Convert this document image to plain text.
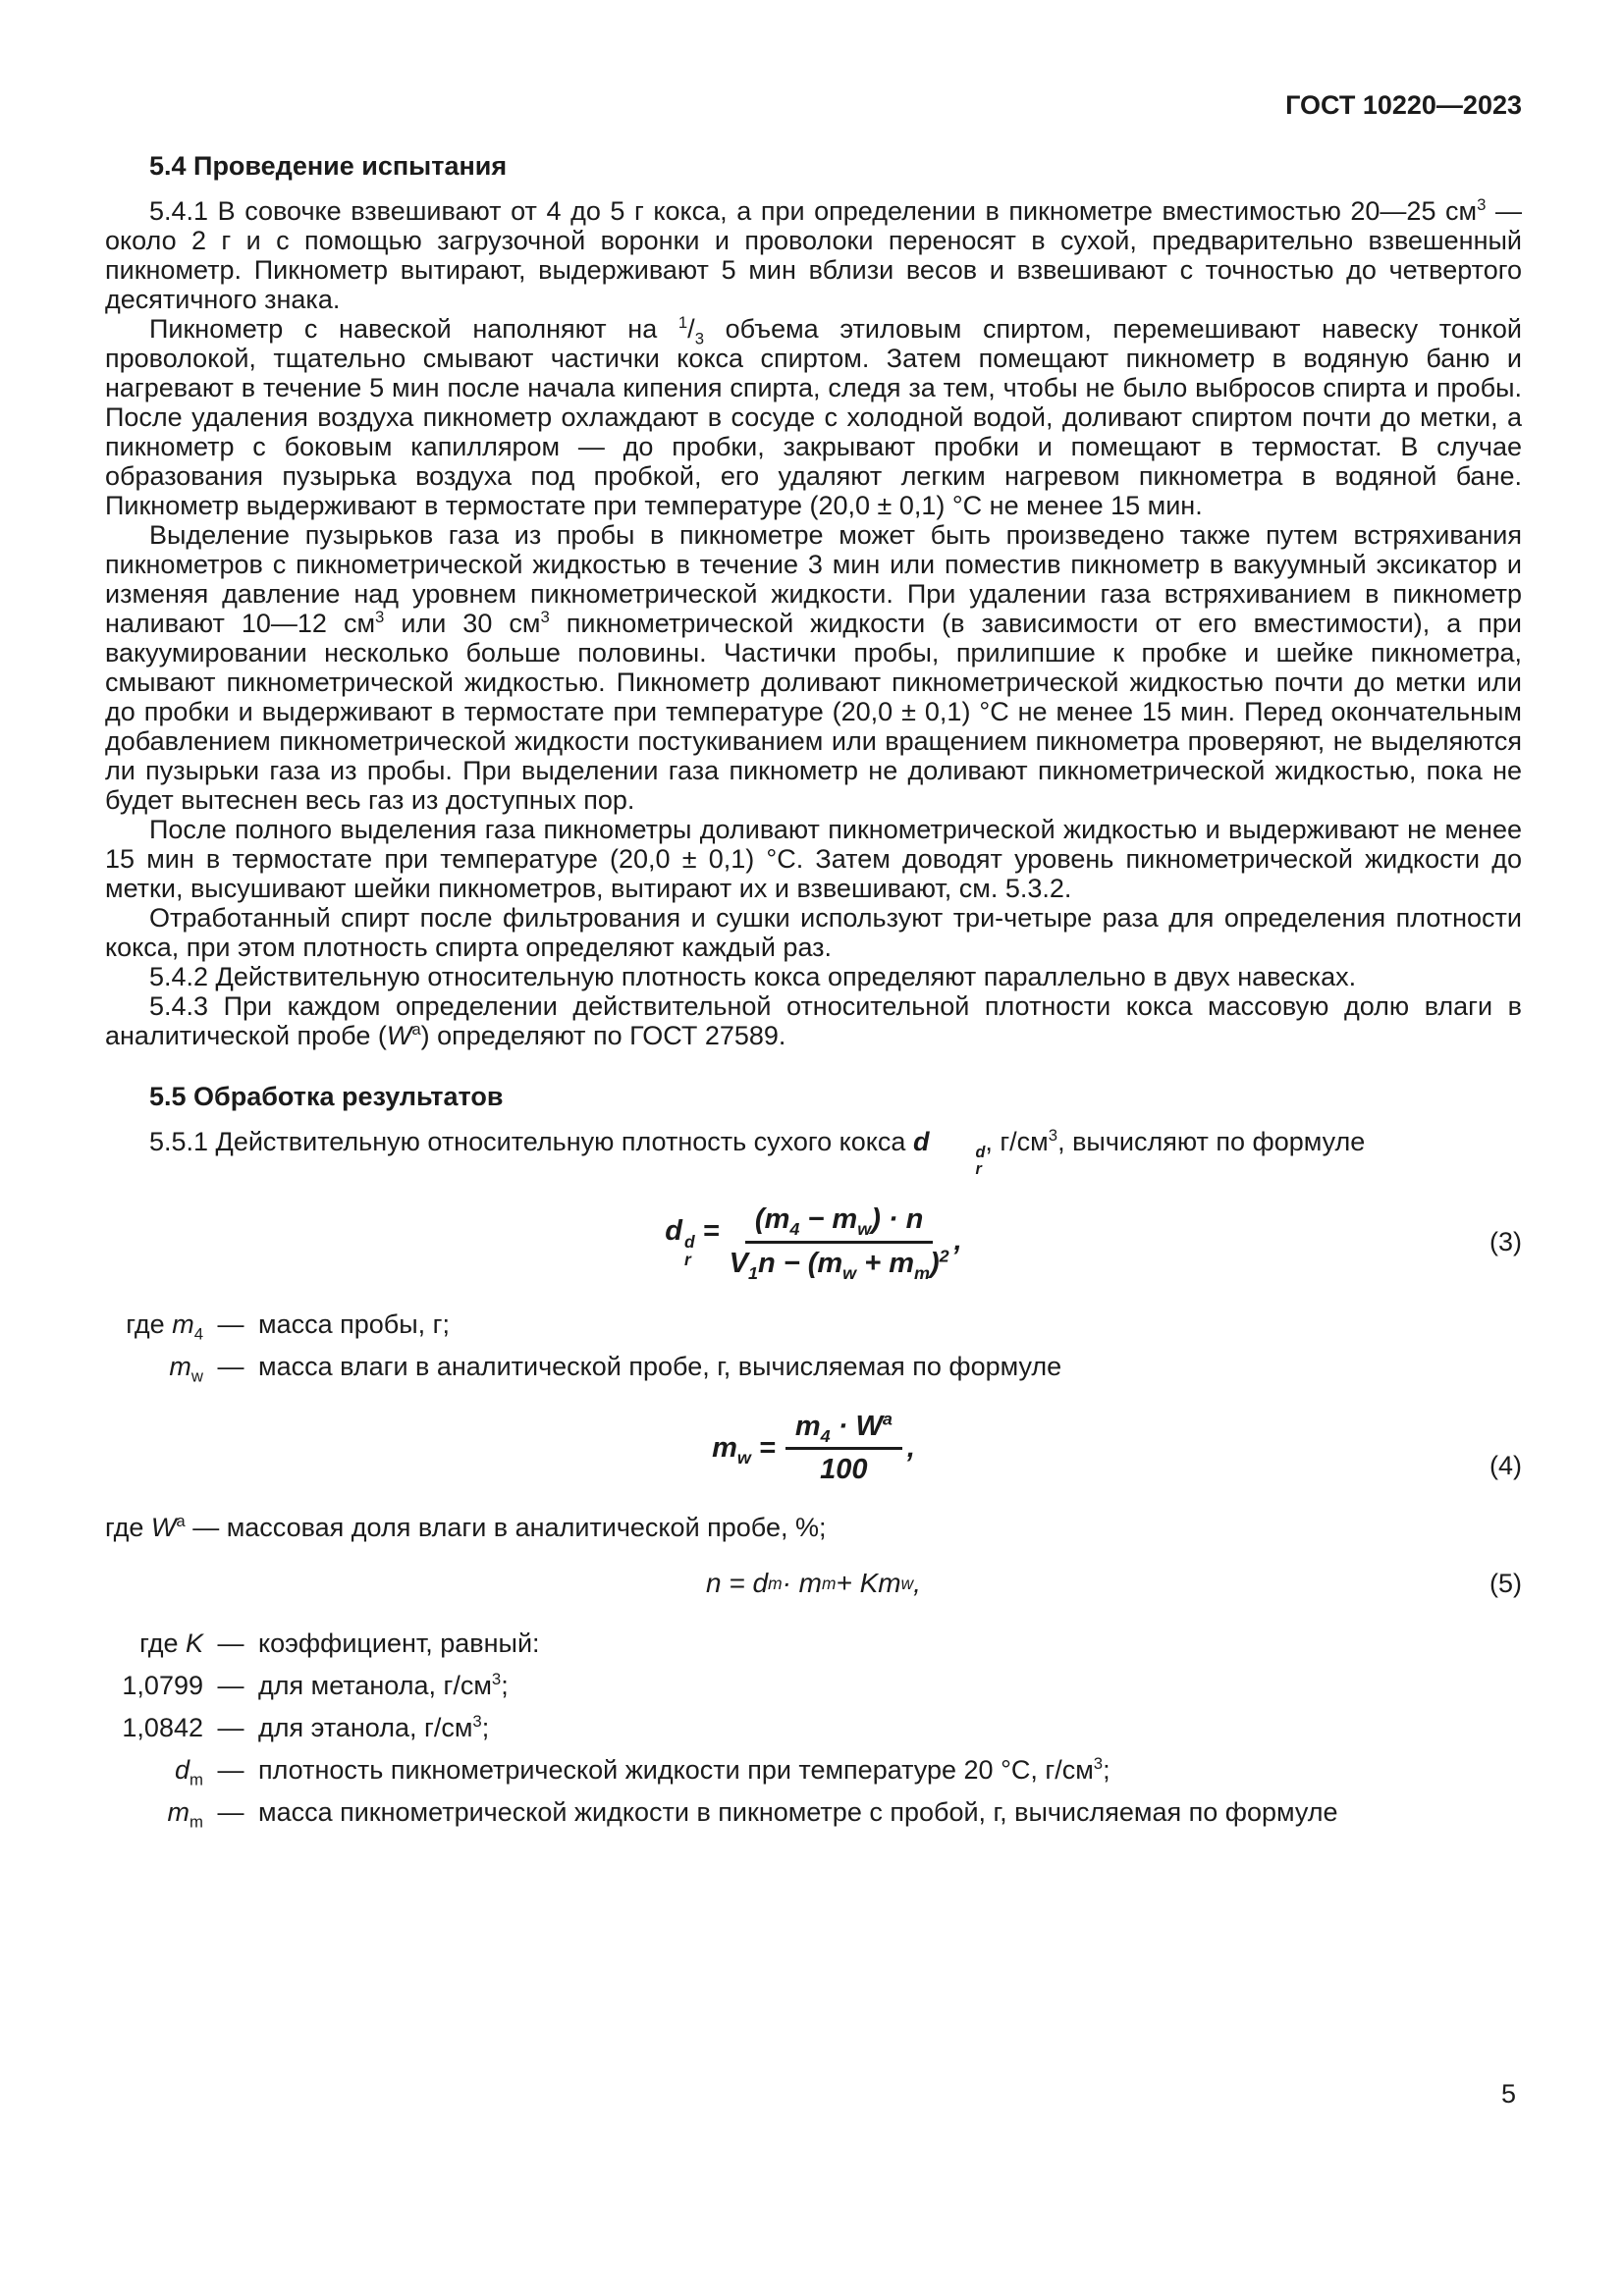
ГОСТ 10220—2023
5.4 Проведение испытания

5.4.1 В совочке взвешивают от 4 до 5 г кокса, а при определении в пикнометре вместимостью 20—25 $см^3$ — около 2 г и с помощью загрузочной воронки и проволоки переносят в сухой, предварительно взвешенный пикнометр. Пикнометр вытирают, выдерживают 5 мин вблизи весов и взвешивают с точностью до четвертого десятичного знака.

Пикнометр с навеской наполняют на $^1/_3$ объема этиловым спиртом, перемешивают навеску тонкой проволокой, тщательно смывают частички кокса спиртом. Затем помещают пикнометр в водяную баню и нагревают в течение 5 мин после начала кипения спирта, следя за тем, чтобы не было выбросов спирта и пробы. После удаления воздуха пикнометр охлаждают в сосуде с холодной водой, доливают спиртом почти до метки, а пикнометр с боковым капилляром — до пробки, закрывают пробки и помещают в термостат. В случае образования пузырька воздуха под пробкой, его удаляют легким нагревом пикнометра в водяной бане. Пикнометр выдерживают в термостате при температуре (20,0 ± 0,1) °С не менее 15 мин.

Выделение пузырьков газа из пробы в пикнометре может быть произведено также путем встряхивания пикнометров с пикнометрической жидкостью в течение 3 мин или поместив пикнометр в вакуумный эксикатор и изменяя давление над уровнем пикнометрической жидкости. При удалении газа встряхиванием в пикнометр наливают 10—12 $см^3$ или 30 $см^3$ пикнометрической жидкости (в зависимости от его вместимости), а при вакуумировании несколько больше половины. Частички пробы, прилипшие к пробке и шейке пикнометра, смывают пикнометрической жидкостью. Пикнометр доливают пикнометрической жидкостью почти до метки или до пробки и выдерживают в термостате при температуре (20,0 ± 0,1) °С не менее 15 мин. Перед окончательным добавлением пикнометрической жидкости постукиванием или вращением пикнометра проверяют, не выделяются ли пузырьки газа из пробы. При выделении газа пикнометр не доливают пикнометрической жидкостью, пока не будет вытеснен весь газ из доступных пор.

После полного выделения газа пикнометры доливают пикнометрической жидкостью и выдерживают не менее 15 мин в термостате при температуре (20,0 ± 0,1) °С. Затем доводят уровень пикнометрической жидкости до метки, высушивают шейки пикнометров, вытирают их и взвешивают, см. 5.3.2.

Отработанный спирт после фильтрования и сушки используют три-четыре раза для определения плотности кокса, при этом плотность спирта определяют каждый раз.

5.4.2 Действительную относительную плотность кокса определяют параллельно в двух навесках.

5.4.3 При каждом определении действительной относительной плотности кокса массовую долю влаги в аналитической пробе $(W^a)$ определяют по ГОСТ 27589.

5.5 Обработка результатов

5.5.1 Действительную относительную плотность сухого кокса d	d
r
, $г/см^3$, вычисляют по формуле

d d
r
= $\frac{(m_4 - m_w) \cdot n}{V_1n - (m_w + m_m)^2}$ ,	(3)
где $m_4$ — масса пробы, г;
$m_w$ — масса влаги в аналитической пробе, г, вычисляемая по формуле
$m_w = \frac{m_4 \cdot W^a}{100}$ ,
(4)

где $W^a$ — массовая доля влаги в аналитической пробе, %;

n = d m · m m + Km w ,	(5)
где K — коэффициент, равный:
1,0799 — для метанола, $г/см^3$;
1,0842 — для этанола, $г/см^3$;
$d_m$ — плотность пикнометрической жидкости при температуре 20 °С, $г/см^3$;
$m_m$ — масса пикнометрической жидкости в пикнометре с пробой, г, вычисляемая по формуле
5
